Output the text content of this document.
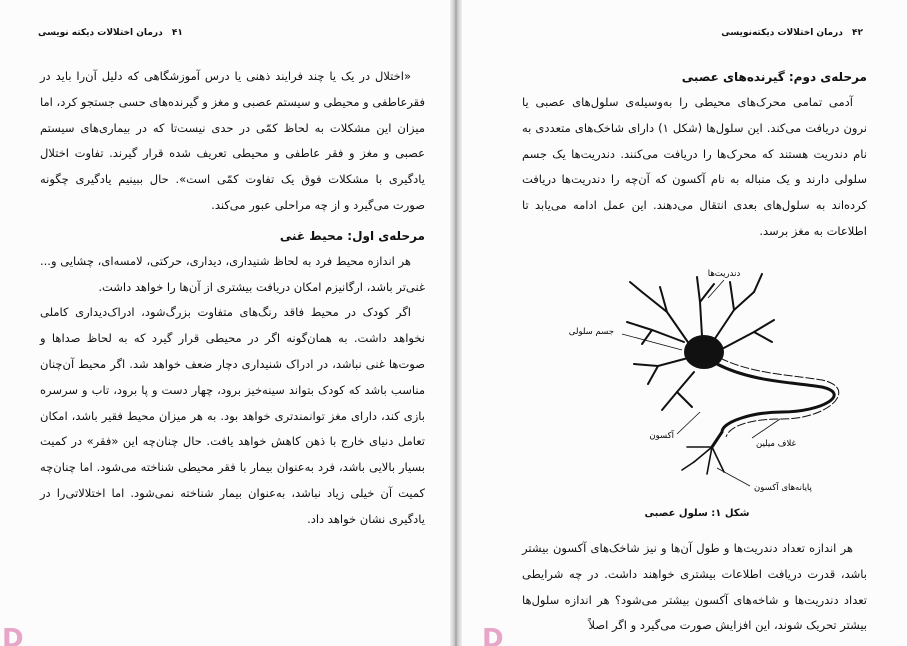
۴۱ درمان اختلالات دیکته نویسی

«اختلال در یک یا چند فرایند ذهنی یا درس آموزشگاهی که دلیل آن‌را باید در فقرعاطفی و محیطی و سیستم عصبی و مغز و گیرنده‌های حسی جستجو کرد، اما میزان این مشکلات به لحاظ کمّی در حدی نیست‌تا که در بیماری‌های سیستم عصبی و مغز و فقر عاطفی و محیطی تعریف شده قرار گیرند. تفاوت اختلال یادگیری با مشکلات فوق یک تفاوت کمّی است». حال ببینیم یادگیری چگونه صورت می‌گیرد و از چه مراحلی عبور می‌کند.

مرحله‌ی اول: محیط غنی

هر اندازه محیط فرد به لحاظ شنیداری، دیداری، حرکتی، لامسه‌ای، چشایی و... غنی‌تر باشد، ارگانیزم امکان دریافت بیشتری از آن‌ها را خواهد داشت.

اگر کودک در محیط فاقد رنگ‌های متفاوت بزرگ‌شود، ادراک‌دیداری کاملی نخواهد داشت. به همان‌گونه اگر در محیطی قرار گیرد که به لحاظ صداها و صوت‌ها غنی نباشد، در ادراک شنیداری دچار ضعف خواهد شد. اگر محیط آن‌چنان مناسب باشد که کودک بتواند سینه‌خیز برود، چهار دست و پا برود، تاب و سرسره بازی کند، دارای مغز توانمندتری خواهد بود. به هر میزان محیط فقیر باشد، امکان تعامل دنیای خارج با ذهن کاهش خواهد یافت. حال چنان‌چه این «فقر» در کمیت بسیار بالایی باشد، فرد به‌عنوان بیمار با فقر محیطی شناخته می‌شود. اما چنان‌چه کمیت آن خیلی زیاد نباشد، به‌عنوان بیمار شناخته نمی‌شود. اما اختلالاتی‌را در یادگیری نشان خواهد داد.

D
۴۲ درمان اختلالات دیکته‌نویسی
مرحله‌ی دوم: گیرنده‌های عصبی

آدمی تمامی محرک‌های محیطی را به‌وسیله‌ی سلول‌های عصبی یا نرون دریافت می‌کند. این سلول‌ها (شکل ۱) دارای شاخک‌های متعددی به نام دندریت هستند که محرک‌ها را دریافت می‌کنند. دندریت‌ها یک جسم سلولی دارند و یک منباله به نام آکسون که آن‌چه را دندریت‌ها دریافت کرده‌اند به سلول‌های بعدی انتقال می‌دهند. این عمل ادامه می‌یابد تا اطلاعات به مغز برسد.

دندریت‌ها
جسم سلولی
آکسون
غلاف میلین
پایانه‌های آکسون
شکل ۱: سلول عصبی

هر اندازه تعداد دندریت‌ها و طول آن‌ها و نیز شاخک‌های آکسون بیشتر باشد، قدرت دریافت اطلاعات بیشتری خواهند داشت. در چه شرایطی تعداد دندریت‌ها و شاخه‌های آکسون بیشتر می‌شود؟ هر اندازه سلول‌ها بیشتر تحریک شوند، این افزایش صورت می‌گیرد و اگر اصلاً

D
